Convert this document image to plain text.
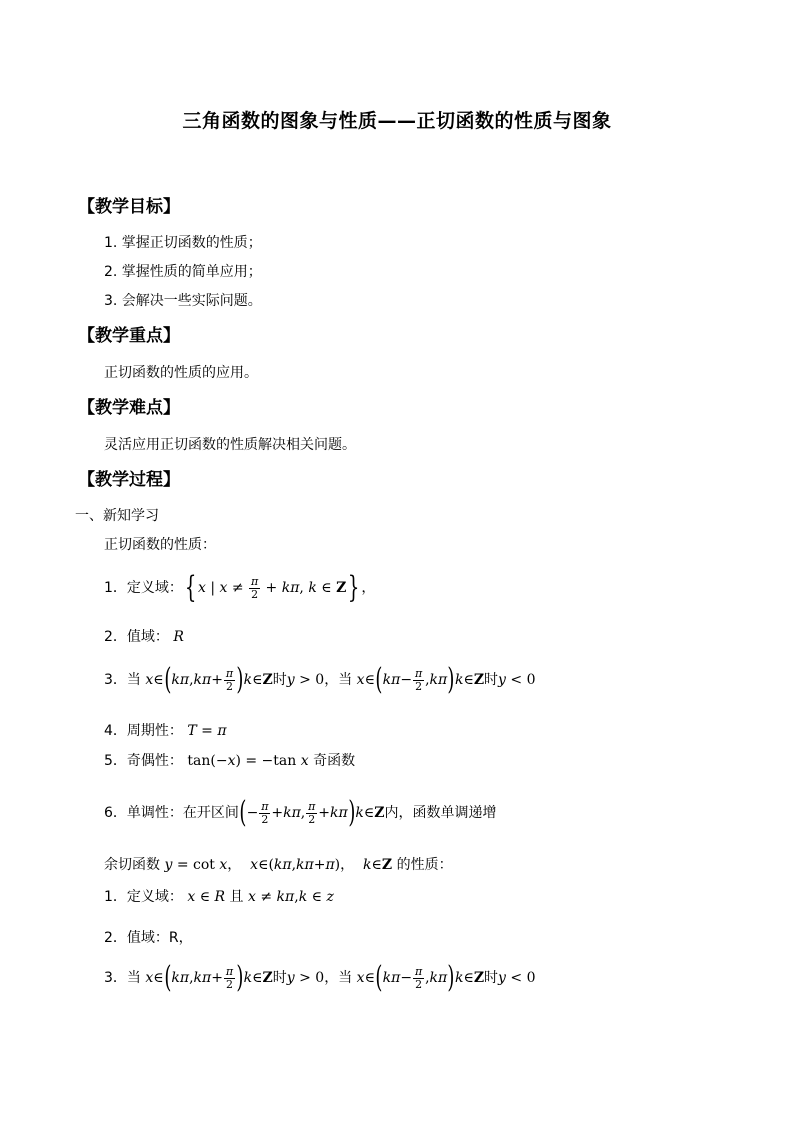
三角函数的图象与性质——正切函数的性质与图象
【教学目标】
1. 掌握正切函数的性质；
2. 掌握性质的简单应用；
3. 会解决一些实际问题。
【教学重点】
正切函数的性质的应用。
【教学难点】
灵活应用正切函数的性质解决相关问题。
【教学过程】
一、新知学习
正切函数的性质：
1．定义域： { x | $x \ne \frac{\pi}{2} + k\pi$ , k ∈ Z } ，
2．值域： R
3．当 x ∈ ( kπ , $k\pi + \frac{\pi}{2}$ ) k ∈ Z 时 y > 0 ，当 x ∈ ( $k\pi - \frac{\pi}{2}$ , kπ ) k ∈ Z 时 y < 0
4．周期性： T = π
5．奇偶性： tan(−x) = −tan x 奇函数
6．单调性：在开区间 ( − $\frac{\pi}{2} + k\pi$ , $\frac{\pi}{2} + k\pi$ ) k ∈ Z 内，函数单调递增
余切函数 y = cot x，  x∈(kπ,kπ+π)，  k∈Z 的性质：
1．定义域： x ∈ R 且 x ≠ kπ,k ∈ z
2．值域：R，
3．当 x ∈ ( kπ , $k\pi + \frac{\pi}{2}$ ) k ∈ Z 时 y > 0 ，当 x ∈ ( $k\pi - \frac{\pi}{2}$ , kπ ) k ∈ Z 时 y < 0
